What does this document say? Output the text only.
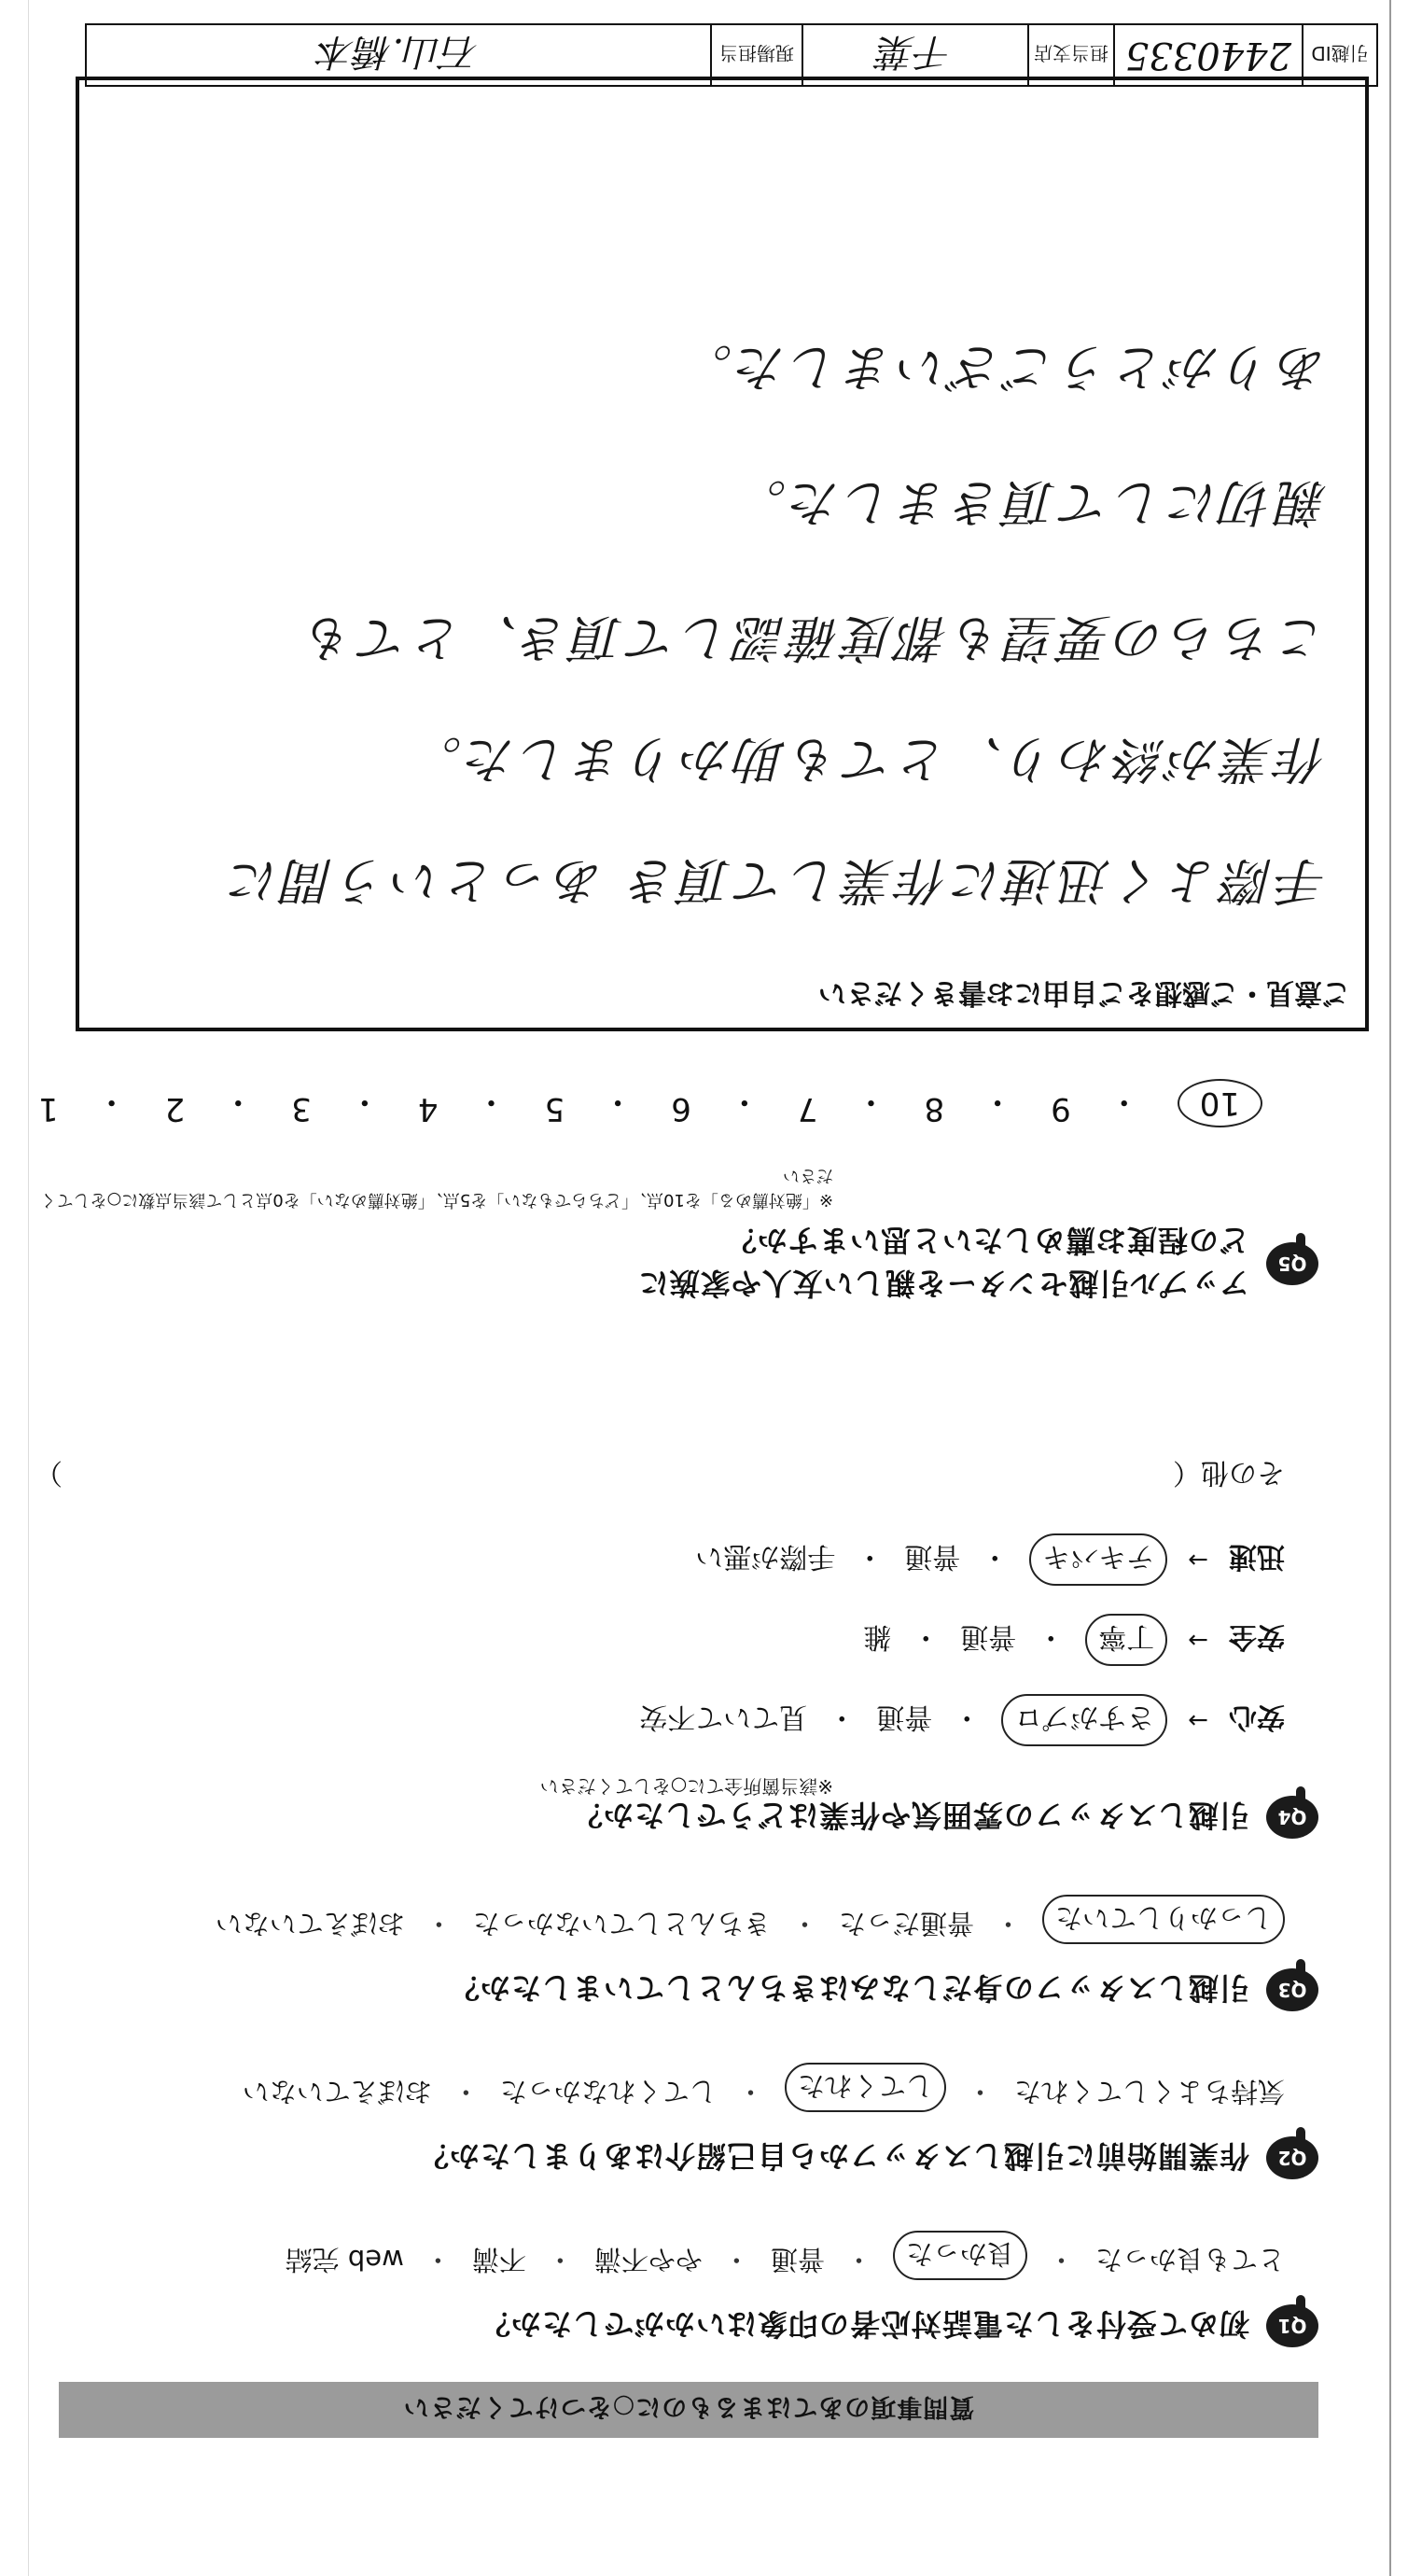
質問事項のあてはまるものに○をつけてください
Q1
初めて受付をした電話対応者の印象はいかがでしたか？
とても良かった
・
良かった
・
普通
・
やや不満
・
不満
・
web 完結
Q2
作業開始前に引越しスタッフから自己紹介はありましたか？
気持ちよくしてくれた
・
してくれた
・
してくれなかった
・
おぼえていない
Q3
引越しスタッフの身だしなみはきちんとしていましたか？
しっかりしていた
・
普通だった
・
きちんとしていなかった
・
おぼえていない
Q4
引越しスタッフの雰囲気や作業はどうでしたか？
※該当箇所全てに○をしてください
安心
→
さすがプロ
・
普通
・
見ていて不安
安全
→
丁寧
・
普通
・
雑
迅速
→
テキパキ
・
普通
・
手際が悪い
その他（
）
Q5
アップル引越センターを親しい友人や家族に
どの程度お薦めしたいと思いますか？
※「絶対薦める」を10点、「どちらでもない」を5点、「絶対薦めない」を0点として該当点数に○をしてください
10
・
9
・
8
・
7
・
6
・
5
・
4
・
3
・
2
・
1
ご意見・ご感想をご自由にお書きください
手際よく迅速に作業して頂き あっという間に
作業が終わり、とても助かりました。
こちらの要望も都度確認して頂き、とても
親切にして頂きました。
ありがとうございました。
引越ID
2440335
担当支店
千葉
現場担当
石山.橋本
